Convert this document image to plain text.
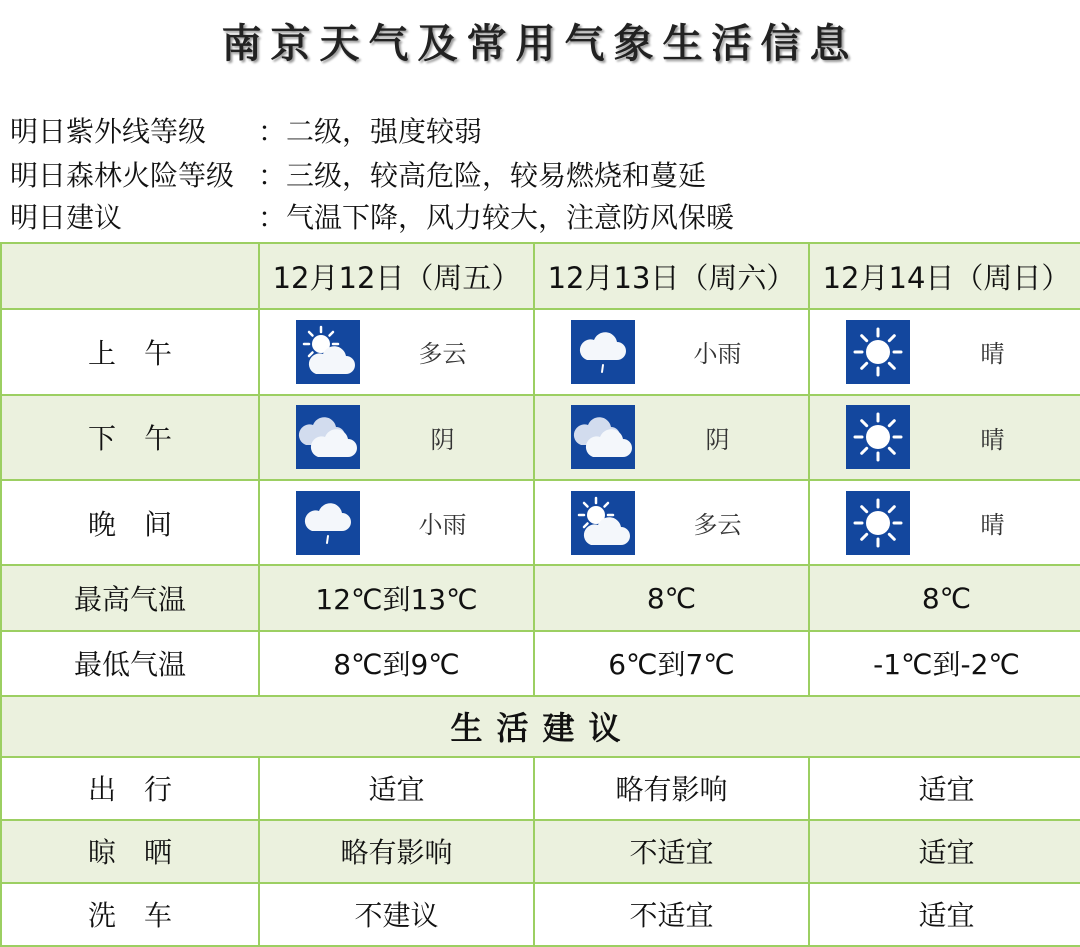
南京天气及常用气象生活信息
明日紫外线等级 ：二级，强度较弱
明日森林火险等级 ：三级，较高危险，较易燃烧和蔓延
明日建议	：气温下降，风力较大，注意防风保暖
	12月12日（周五）	12月13日（周六）	12月14日（周日）
上　午	多云	小雨	晴

下　午	阴	阴	晴

晚　间	小雨	多云	晴

最高气温	12℃到13℃	8℃	8℃
最低气温	8℃到9℃	6℃到7℃	-1℃到-2℃
生活建议			
出　行	适宜	略有影响	适宜
晾　晒	略有影响	不适宜	适宜
洗　车	不建议	不适宜	适宜
